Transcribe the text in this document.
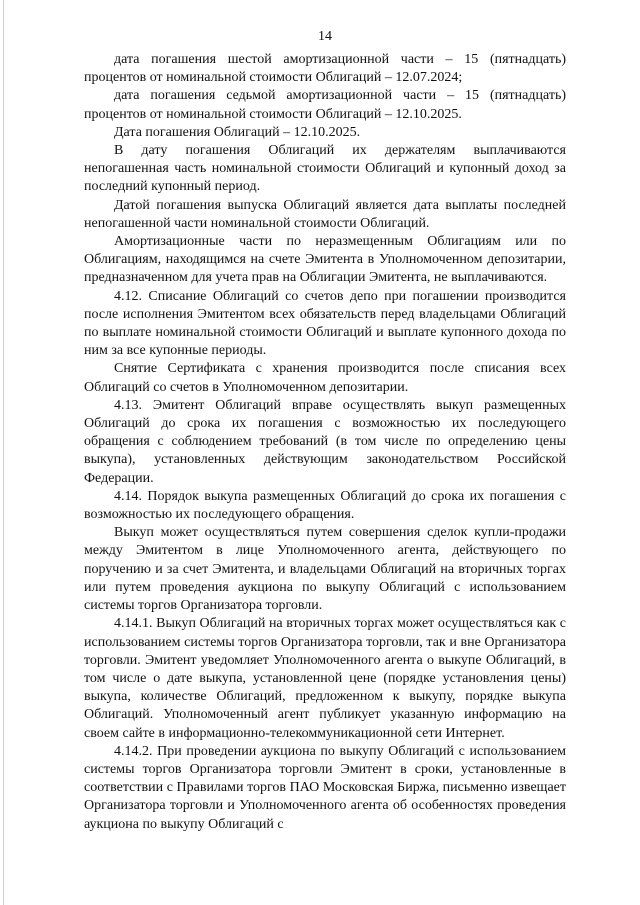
14

дата погашения шестой амортизационной части – 15 (пятнадцать) процентов от номинальной стоимости Облигаций – 12.07.2024;

дата погашения седьмой амортизационной части – 15 (пятнадцать) процентов от номинальной стоимости Облигаций – 12.10.2025.

Дата погашения Облигаций – 12.10.2025.

В дату погашения Облигаций их держателям выплачиваются непогашенная часть номинальной стоимости Облигаций и купонный доход за последний купонный период.

Датой погашения выпуска Облигаций является дата выплаты последней непогашенной части номинальной стоимости Облигаций.

Амортизационные части по неразмещенным Облигациям или по Облигациям, находящимся на счете Эмитента в Уполномоченном депозитарии, предназначенном для учета прав на Облигации Эмитента, не выплачиваются.

4.12. Списание Облигаций со счетов депо при погашении производится после исполнения Эмитентом всех обязательств перед владельцами Облигаций по выплате номинальной стоимости Облигаций и выплате купонного дохода по ним за все купонные периоды.

Снятие Сертификата с хранения производится после списания всех Облигаций со счетов в Уполномоченном депозитарии.

4.13. Эмитент Облигаций вправе осуществлять выкуп размещенных Облигаций до срока их погашения с возможностью их последующего обращения с соблюдением требований (в том числе по определению цены выкупа), установленных действующим законодательством Российской Федерации.

4.14. Порядок выкупа размещенных Облигаций до срока их погашения с возможностью их последующего обращения.

Выкуп может осуществляться путем совершения сделок купли-продажи между Эмитентом в лице Уполномоченного агента, действующего по поручению и за счет Эмитента, и владельцами Облигаций на вторичных торгах или путем проведения аукциона по выкупу Облигаций с использованием системы торгов Организатора торговли.

4.14.1. Выкуп Облигаций на вторичных торгах может осуществляться как с использованием системы торгов Организатора торговли, так и вне Организатора торговли. Эмитент уведомляет Уполномоченного агента о выкупе Облигаций, в том числе о дате выкупа, установленной цене (порядке установления цены) выкупа, количестве Облигаций, предложенном к выкупу, порядке выкупа Облигаций. Уполномоченный агент публикует указанную информацию на своем сайте в информационно-телекоммуникационной сети Интернет.

4.14.2. При проведении аукциона по выкупу Облигаций с использованием системы торгов Организатора торговли Эмитент в сроки, установленные в соответствии с Правилами торгов ПАО Московская Биржа, письменно извещает Организатора торговли и Уполномоченного агента об особенностях проведения аукциона по выкупу Облигаций с
